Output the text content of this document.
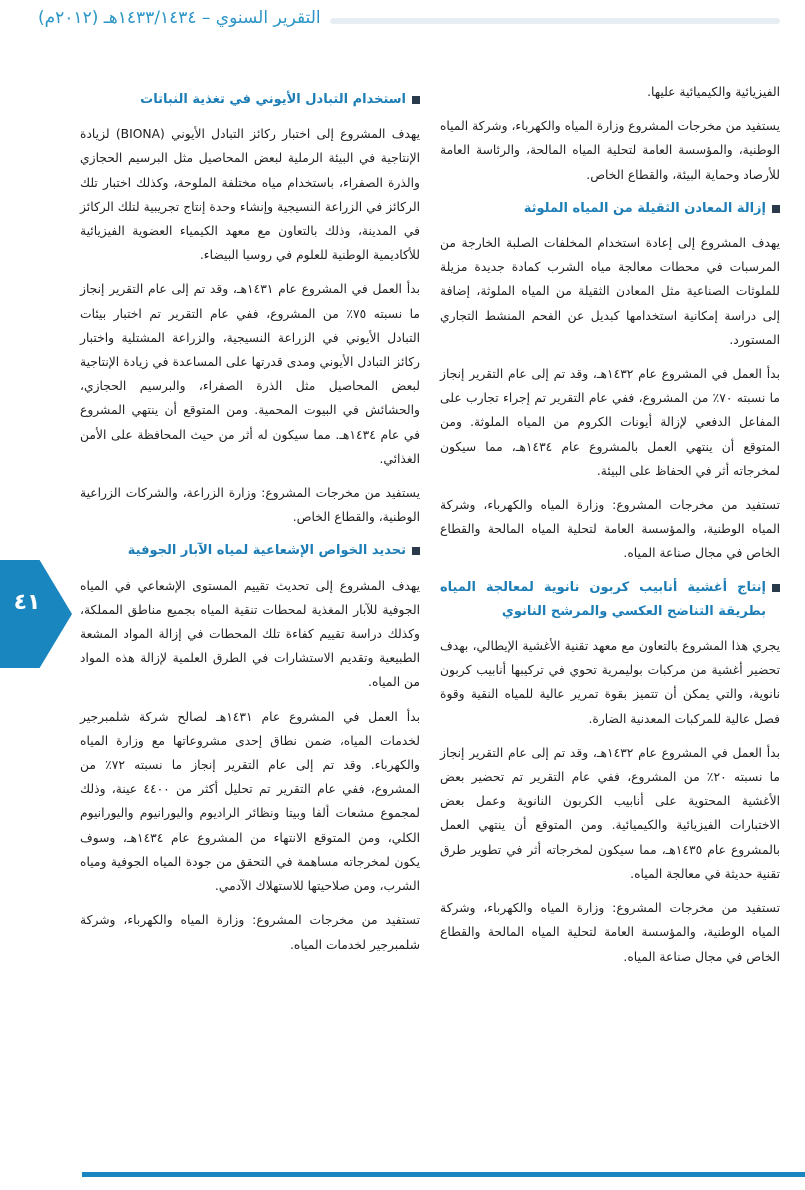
التقرير السنوي – ١٤٣٣/١٤٣٤هـ (٢٠١٢م)
٤١

الفيزيائية والكيميائية عليها.

يستفيد من مخرجات المشروع وزارة المياه والكهرباء، وشركة المياه الوطنية، والمؤسسة العامة لتحلية المياه المالحة، والرئاسة العامة للأرصاد وحماية البيئة، والقطاع الخاص.

إزالة المعادن الثقيلة من المياه الملوثة

يهدف المشروع إلى إعادة استخدام المخلفات الصلبة الخارجة من المرسبات في محطات معالجة مياه الشرب كمادة جديدة مزيلة للملوثات الصناعية مثل المعادن الثقيلة من المياه الملوثة، إضافة إلى دراسة إمكانية استخدامها كبديل عن الفحم المنشط التجاري المستورد.

بدأ العمل في المشروع عام ١٤٣٢هـ، وقد تم إلى عام التقرير إنجاز ما نسبته ٧٠٪ من المشروع، ففي عام التقرير تم إجراء تجارب على المفاعل الدفعي لإزالة أيونات الكروم من المياه الملوثة. ومن المتوقع أن ينتهي العمل بالمشروع عام ١٤٣٤هـ، مما سيكون لمخرجاته أثر في الحفاظ على البيئة.

تستفيد من مخرجات المشروع: وزارة المياه والكهرباء، وشركة المياه الوطنية، والمؤسسة العامة لتحلية المياه المالحة والقطاع الخاص في مجال صناعة المياه.

إنتاج أغشية أنابيب كربون نانوية لمعالجة المياه بطريقة التناضح العكسي والمرشح النانوي

يجري هذا المشروع بالتعاون مع معهد تقنية الأغشية الإيطالي، بهدف تحضير أغشية من مركبات بوليمرية تحوي في تركيبها أنابيب كربون نانوية، والتي يمكن أن تتميز بقوة تمرير عالية للمياه النقية وقوة فصل عالية للمركبات المعدنية الضارة.

بدأ العمل في المشروع عام ١٤٣٢هـ، وقد تم إلى عام التقرير إنجاز ما نسبته ٢٠٪ من المشروع، ففي عام التقرير تم تحضير بعض الأغشية المحتوية على أنابيب الكربون النانوية وعمل بعض الاختبارات الفيزيائية والكيميائية. ومن المتوقع أن ينتهي العمل بالمشروع عام ١٤٣٥هـ، مما سيكون لمخرجاته أثر في تطوير طرق تقنية حديثة في معالجة المياه.

تستفيد من مخرجات المشروع: وزارة المياه والكهرباء، وشركة المياه الوطنية، والمؤسسة العامة لتحلية المياه المالحة والقطاع الخاص في مجال صناعة المياه.

استخدام التبادل الأيوني في تغذية النباتات

يهدف المشروع إلى اختبار ركائز التبادل الأيوني (BIONA) لزيادة الإنتاجية في البيئة الرملية لبعض المحاصيل مثل البرسيم الحجازي والذرة الصفراء، باستخدام مياه مختلفة الملوحة، وكذلك اختبار تلك الركائز في الزراعة النسيجية وإنشاء وحدة إنتاج تجريبية لتلك الركائز في المدينة، وذلك بالتعاون مع معهد الكيمياء العضوية الفيزيائية للأكاديمية الوطنية للعلوم في روسيا البيضاء.

بدأ العمل في المشروع عام ١٤٣١هـ، وقد تم إلى عام التقرير إنجاز ما نسبته ٧٥٪ من المشروع، ففي عام التقرير تم اختبار بيئات التبادل الأيوني في الزراعة النسيجية، والزراعة المشتلية واختبار ركائز التبادل الأيوني ومدى قدرتها على المساعدة في زيادة الإنتاجية لبعض المحاصيل مثل الذرة الصفراء، والبرسيم الحجازي، والحشائش في البيوت المحمية. ومن المتوقع أن ينتهي المشروع في عام ١٤٣٤هـ. مما سيكون له أثر من حيث المحافظة على الأمن الغذائي.

يستفيد من مخرجات المشروع: وزارة الزراعة، والشركات الزراعية الوطنية، والقطاع الخاص.

تحديد الخواص الإشعاعية لمياه الآبار الجوفية

يهدف المشروع إلى تحديث تقييم المستوى الإشعاعي في المياه الجوفية للآبار المغذية لمحطات تنقية المياه بجميع مناطق المملكة، وكذلك دراسة تقييم كفاءة تلك المحطات في إزالة المواد المشعة الطبيعية وتقديم الاستشارات في الطرق العلمية لإزالة هذه المواد من المياه.

بدأ العمل في المشروع عام ١٤٣١هـ لصالح شركة شلمبرجير لخدمات المياه، ضمن نطاق إحدى مشروعاتها مع وزارة المياه والكهرباء. وقد تم إلى عام التقرير إنجاز ما نسبته ٧٢٪ من المشروع، ففي عام التقرير تم تحليل أكثر من ٤٤٠٠ عينة، وذلك لمجموع مشعات ألفا وبيتا ونظائر الراديوم واليورانيوم واليورانيوم الكلي، ومن المتوقع الانتهاء من المشروع عام ١٤٣٤هـ، وسوف يكون لمخرجاته مساهمة في التحقق من جودة المياه الجوفية ومياه الشرب، ومن صلاحيتها للاستهلاك الآدمي.

تستفيد من مخرجات المشروع: وزارة المياه والكهرباء، وشركة شلمبرجير لخدمات المياه.
